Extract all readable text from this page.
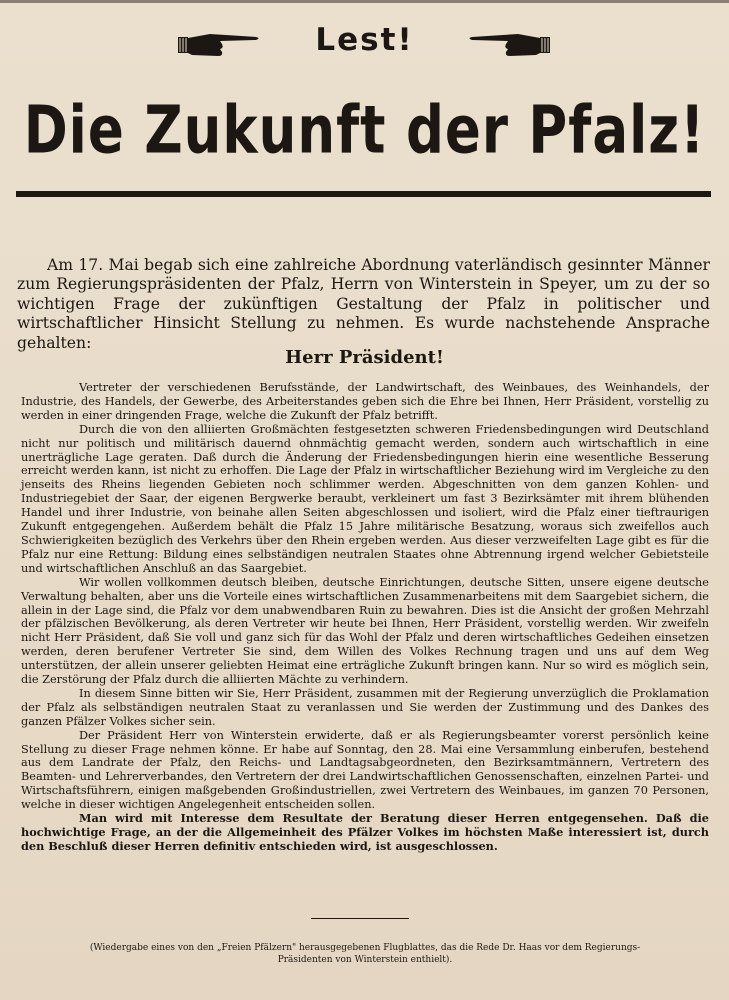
Lest!
Die Zukunft der Pfalz!

Am 17. Mai begab sich eine zahlreiche Abordnung vaterländisch gesinnter Männer zum Regierungspräsidenten der Pfalz, Herrn von Winterstein in Speyer, um zu der so wichtigen Frage der zukünftigen Gestaltung der Pfalz in politischer und wirtschaftlicher Hinsicht Stellung zu nehmen. Es wurde nachstehende Ansprache gehalten:

Herr Präsident!

Vertreter der verschiedenen Berufsstände, der Landwirtschaft, des Weinbaues, des Weinhandels, der Industrie, des Handels, der Gewerbe, des Arbeiterstandes geben sich die Ehre bei Ihnen, Herr Präsident, vorstellig zu werden in einer dringenden Frage, welche die Zukunft der Pfalz betrifft.

Durch die von den alliierten Großmächten festgesetzten schweren Friedensbedingungen wird Deutschland nicht nur politisch und militärisch dauernd ohnmächtig gemacht werden, sondern auch wirtschaftlich in eine unerträgliche Lage geraten. Daß durch die Änderung der Friedensbedingungen hierin eine wesentliche Besserung erreicht werden kann, ist nicht zu erhoffen. Die Lage der Pfalz in wirtschaftlicher Beziehung wird im Vergleiche zu den jenseits des Rheins liegenden Gebieten noch schlimmer werden. Abgeschnitten von dem ganzen Kohlen- und Industriegebiet der Saar, der eigenen Bergwerke beraubt, verkleinert um fast 3 Bezirksämter mit ihrem blühenden Handel und ihrer Industrie, von beinahe allen Seiten abgeschlossen und isoliert, wird die Pfalz einer tieftraurigen Zukunft entgegengehen. Außerdem behält die Pfalz 15 Jahre militärische Besatzung, woraus sich zweifellos auch Schwierigkeiten bezüglich des Verkehrs über den Rhein ergeben werden. Aus dieser verzweifelten Lage gibt es für die Pfalz nur eine Rettung: Bildung eines selbständigen neutralen Staates ohne Abtrennung irgend welcher Gebietsteile und wirtschaftlichen Anschluß an das Saargebiet.

Wir wollen vollkommen deutsch bleiben, deutsche Einrichtungen, deutsche Sitten, unsere eigene deutsche Verwaltung behalten, aber uns die Vorteile eines wirtschaftlichen Zusammenarbeitens mit dem Saargebiet sichern, die allein in der Lage sind, die Pfalz vor dem unabwendbaren Ruin zu bewahren. Dies ist die Ansicht der großen Mehrzahl der pfälzischen Bevölkerung, als deren Vertreter wir heute bei Ihnen, Herr Präsident, vorstellig werden. Wir zweifeln nicht Herr Präsident, daß Sie voll und ganz sich für das Wohl der Pfalz und deren wirtschaftliches Gedeihen einsetzen werden, deren berufener Vertreter Sie sind, dem Willen des Volkes Rechnung tragen und uns auf dem Weg unterstützen, der allein unserer geliebten Heimat eine erträgliche Zukunft bringen kann. Nur so wird es möglich sein, die Zerstörung der Pfalz durch die alliierten Mächte zu verhindern.

In diesem Sinne bitten wir Sie, Herr Präsident, zusammen mit der Regierung unverzüglich die Proklamation der Pfalz als selbständigen neutralen Staat zu veranlassen und Sie werden der Zustimmung und des Dankes des ganzen Pfälzer Volkes sicher sein.

Der Präsident Herr von Winterstein erwiderte, daß er als Regierungsbeamter vorerst persönlich keine Stellung zu dieser Frage nehmen könne. Er habe auf Sonntag, den 28. Mai eine Versammlung einberufen, bestehend aus dem Landrate der Pfalz, den Reichs- und Landtagsabgeordneten, den Bezirksamtmännern, Vertretern des Beamten- und Lehrerverbandes, den Vertretern der drei Landwirtschaftlichen Genossenschaften, einzelnen Partei- und Wirtschaftsführern, einigen maßgebenden Großindustriellen, zwei Vertretern des Weinbaues, im ganzen 70 Personen, welche in dieser wichtigen Angelegenheit entscheiden sollen.

Man wird mit Interesse dem Resultate der Beratung dieser Herren entgegensehen. Daß die hochwichtige Frage, an der die Allgemeinheit des Pfälzer Volkes im höchsten Maße interessiert ist, durch den Beschluß dieser Herren definitiv entschieden wird, ist ausgeschlossen.

(Wiedergabe eines von den „Freien Pfälzern" herausgegebenen Flugblattes, das die Rede Dr. Haas vor dem Regierungs-Präsidenten von Winterstein enthielt).
